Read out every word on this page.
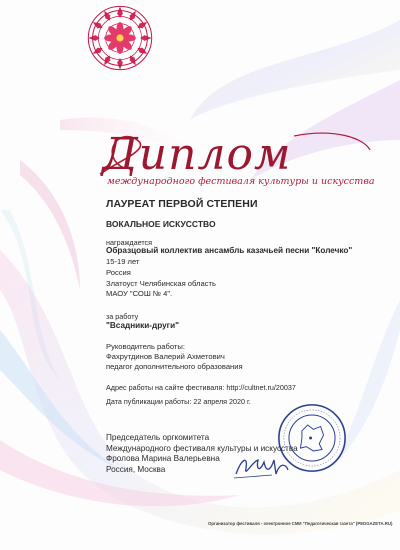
Диплом
международного фестиваля культуры и искусства
ЛАУРЕАТ ПЕРВОЙ СТЕПЕНИ
ВОКАЛЬНОЕ ИСКУССТВО
награждается
Образцовый коллектив ансамбль казачьей песни "Колечко"
15-19 лет
Россия
Златоуст Челябинская область
МАОУ "СОШ № 4".
за работу
"Всадники-други"
Руководитель работы:
Фахрутдинов Валерий Ахметович
педагог дополнительного образования
Адрес работы на сайте фестиваля: http://cultnet.ru/20037
Дата публикации работы: 22 апреля 2020 г.
Председатель оргкомитета
Международного фестиваля культуры и искусства
Фролова Марина Валерьевна
Россия, Москва
Организатор фестиваля - электронное СМИ "Педагогическая газета" (PEDGAZETA.RU)
